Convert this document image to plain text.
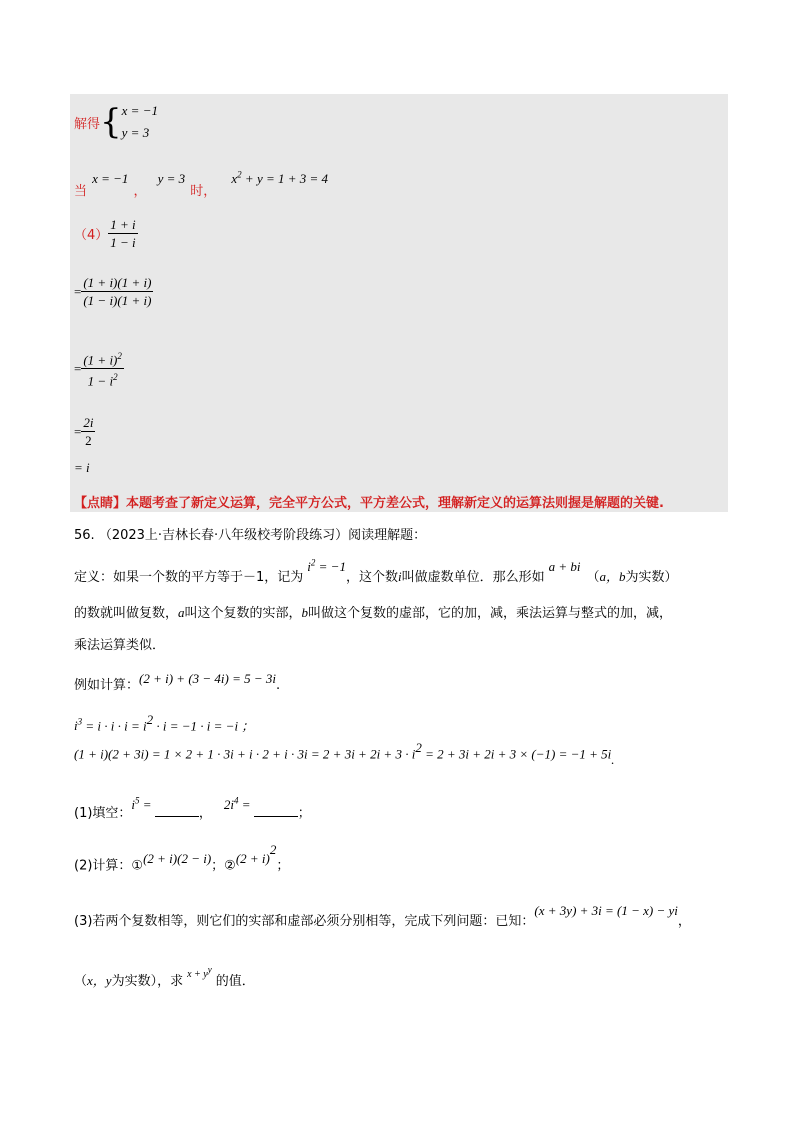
解得 { x = −1
y = 3
$_当$ x = −1 $_,$ y = 3 $_{时,}$ $x^2 + y = 1 + 3 = 4$
$(4) \frac{1 + i}{1 - i}$
= $\frac{(1 + i)(1 + i)}{(1 - i)(1 + i)}$
= $\frac{(1 + i)^2}{1 - i^2}$
= $\frac{2i}{2}$
= i
【点睛】本题考查了新定义运算，完全平方公式，平方差公式，理解新定义的运算法则握是解题的关键.
56. （2023上·吉林长春·八年级校考阶段练习）阅读理解题：
定义：如果一个数的平方等于－1，记为$i^2 = -1$，这个数i叫做虚数单位．那么形如a + bi（a，b为实数）
的数就叫做复数，a叫这个复数的实部，b叫做这个复数的虚部，它的加，减，乘法运算与整式的加，减，
乘法运算类似．
例如计算：(2 + i) + (3 − 4i) = 5 − 3i.
$i^3 = i \cdot i \cdot i = i^2 \cdot i = -1 \cdot i = -i$ ；
$(1 + i)(2 + 3i) = 1 \times 2 + 1 \cdot 3i + i \cdot 2 + i \cdot 3i = 2 + 3i + 2i + 3 \cdot i^2 = 2 + 3i + 2i + 3 \times (-1) = -1 + 5i_.$
(1)填空：$i^5$ = ，$2i^4$ = ；
(2)计算：①(2 + i)(2 − i)；②(2 + i)$^2$；
(3)若两个复数相等，则它们的实部和虚部必须分别相等，完成下列问题：已知：(x + 3y) + 3i = (1 − x) − yi，
（x，y为实数），求 $x + y^y$的值．
